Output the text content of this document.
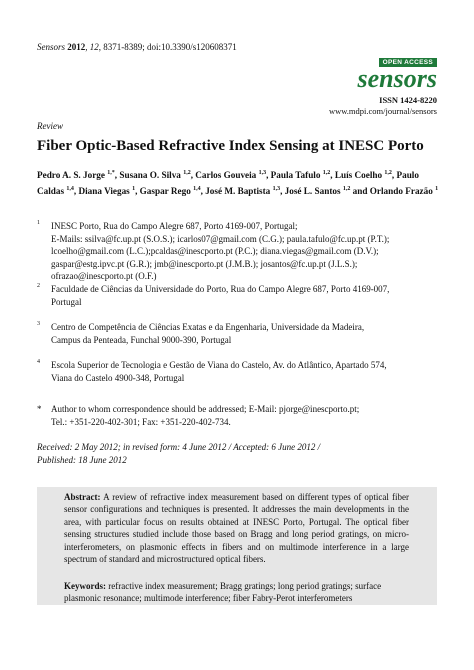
Sensors 2012, 12, 8371-8389; doi:10.3390/s120608371
OPEN ACCESS
sensors
ISSN 1424-8220
www.mdpi.com/journal/sensors
Review
Fiber Optic-Based Refractive Index Sensing at INESC Porto
Pedro A. S. Jorge $^{1,*}$, Susana O. Silva $^{1,2}$, Carlos Gouveia $^{1,3}$, Paula Tafulo $^{1,2}$, Luís Coelho $^{1,2}$, Paulo Caldas $^{1,4}$, Diana Viegas $^1$, Gaspar Rego $^{1,4}$, José M. Baptista $^{1,3}$, José L. Santos $^{1,2}$ and Orlando Frazão $^1$
1 INESC Porto, Rua do Campo Alegre 687, Porto 4169-007, Portugal;
E-Mails: ssilva@fc.up.pt (S.O.S.); icarlos07@gmail.com (C.G.); paula.tafulo@fc.up.pt (P.T.);
lcoelho@gmail.com (L.C.);pcaldas@inescporto.pt (P.C.); diana.viegas@gmail.com (D.V.);
gaspar@estg.ipvc.pt (G.R.); jmb@inescporto.pt (J.M.B.); josantos@fc.up.pt (J.L.S.);
ofrazao@inescporto.pt (O.F.)
2 Faculdade de Ciências da Universidade do Porto, Rua do Campo Alegre 687, Porto 4169-007,
Portugal
3 Centro de Competência de Ciências Exatas e da Engenharia, Universidade da Madeira,
Campus da Penteada, Funchal 9000-390, Portugal
4 Escola Superior de Tecnologia e Gestão de Viana do Castelo, Av. do Atlântico, Apartado 574,
Viana do Castelo 4900-348, Portugal
* Author to whom correspondence should be addressed; E-Mail: pjorge@inescporto.pt;
Tel.: +351-220-402-301; Fax: +351-220-402-734.
Received: 2 May 2012; in revised form: 4 June 2012 / Accepted: 6 June 2012 /
Published: 18 June 2012
Abstract: A review of refractive index measurement based on different types of optical fiber sensor configurations and techniques is presented. It addresses the main developments in the area, with particular focus on results obtained at INESC Porto, Portugal. The optical fiber sensing structures studied include those based on Bragg and long period gratings, on micro-interferometers, on plasmonic effects in fibers and on multimode interference in a large spectrum of standard and microstructured optical fibers.
Keywords: refractive index measurement; Bragg gratings; long period gratings; surface plasmonic resonance; multimode interference; fiber Fabry-Perot interferometers
